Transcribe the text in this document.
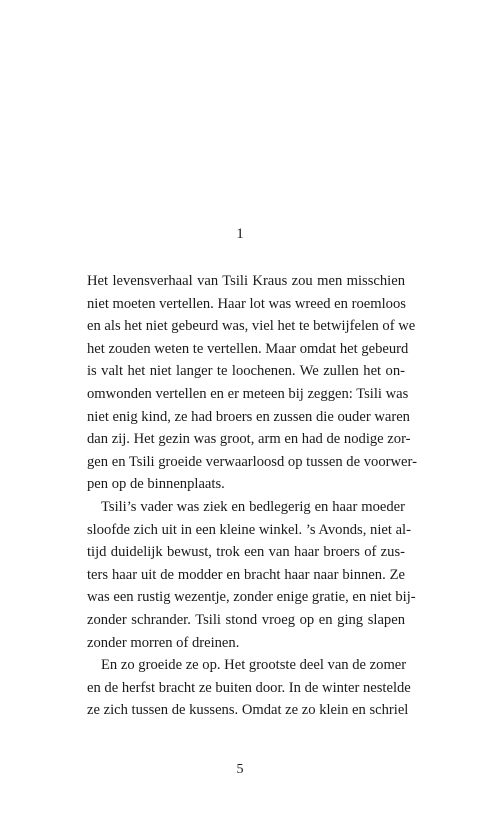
1
Het levensverhaal van Tsili Kraus zou men misschien
niet moeten vertellen. Haar lot was wreed en roemloos
en als het niet gebeurd was, viel het te betwijfelen of we
het zouden weten te vertellen. Maar omdat het gebeurd
is valt het niet langer te loochenen. We zullen het on-
omwonden vertellen en er meteen bij zeggen: Tsili was
niet enig kind, ze had broers en zussen die ouder waren
dan zij. Het gezin was groot, arm en had de nodige zor-
gen en Tsili groeide verwaarloosd op tussen de voorwer-
pen op de binnenplaats.
Tsili’s vader was ziek en bedlegerig en haar moeder
sloofde zich uit in een kleine winkel. ’s Avonds, niet al-
tijd duidelijk bewust, trok een van haar broers of zus-
ters haar uit de modder en bracht haar naar binnen. Ze
was een rustig wezentje, zonder enige gratie, en niet bij-
zonder schrander. Tsili stond vroeg op en ging slapen
zonder morren of dreinen.
En zo groeide ze op. Het grootste deel van de zomer
en de herfst bracht ze buiten door. In de winter nestelde
ze zich tussen de kussens. Omdat ze zo klein en schriel
5
